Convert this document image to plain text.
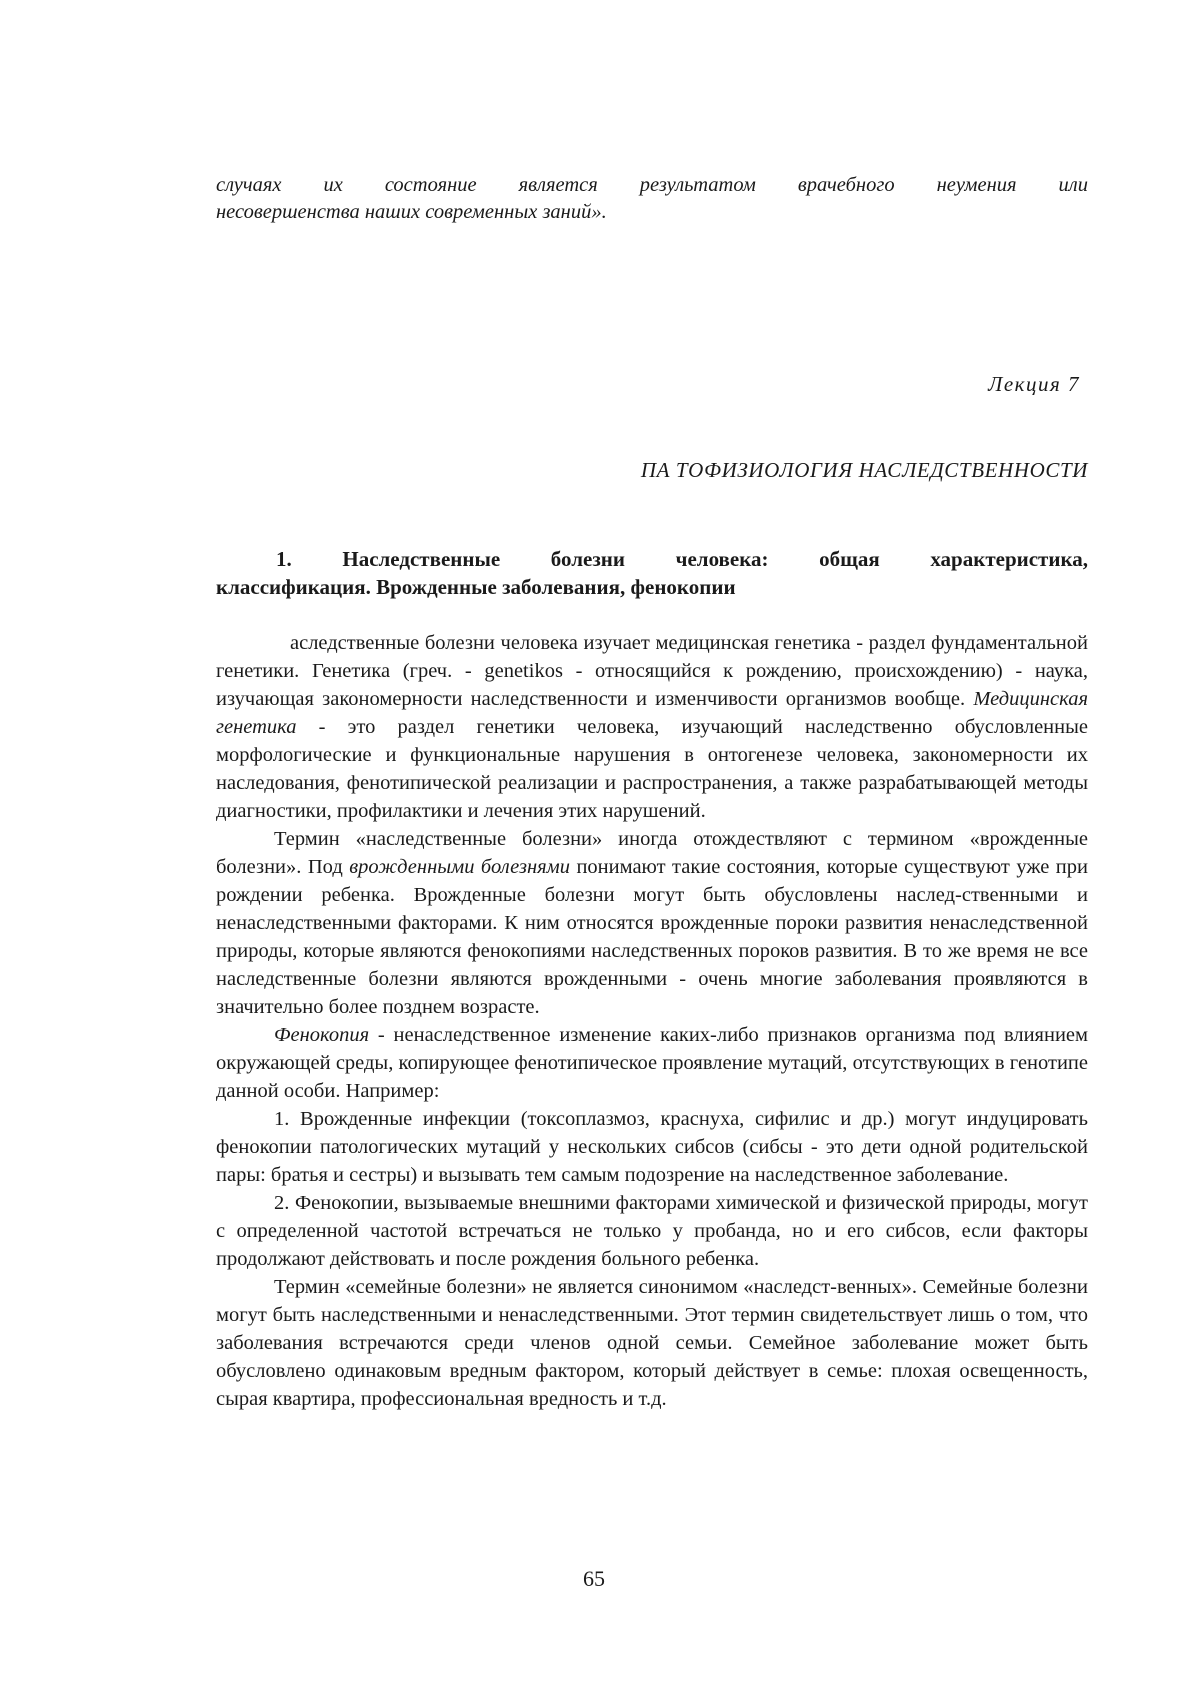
случаях их состояние является результатом врачебного неумения или
несовершенства наших современных заний».
Лекция 7
ПА ТОФИЗИОЛОГИЯ НАСЛЕДСТВЕННОСТИ
1. Наследственные болезни человека: общая характеристика,
классификация. Врожденные заболевания, фенокопии

аследственные болезни человека изучает медицинская генетика - раздел фундаментальной генетики. Генетика (греч. - genetikos - относящийся к рождению, происхождению) - наука, изучающая закономерности наследственности и изменчивости организмов вообще. Медицинская генетика - это раздел генетики человека, изучающий наследственно обусловленные морфологические и функциональные нарушения в онтогенезе человека, закономерности их наследования, фенотипической реализации и распространения, а также разрабатывающей методы диагностики, профилактики и лечения этих нарушений.

Термин «наследственные болезни» иногда отождествляют с термином «врожденные болезни». Под врожденными болезнями понимают такие состояния, которые существуют уже при рождении ребенка. Врожденные болезни могут быть обусловлены наслед-ственными и ненаследственными факторами. К ним относятся врожденные пороки развития ненаследственной природы, которые являются фенокопиями наследственных пороков развития. В то же время не все наследственные болезни являются врожденными - очень многие заболевания проявляются в значительно более позднем возрасте.

Фенокопия - ненаследственное изменение каких-либо признаков организма под влиянием окружающей среды, копирующее фенотипическое проявление мутаций, отсутствующих в генотипе данной особи. Например:

1. Врожденные инфекции (токсоплазмоз, краснуха, сифилис и др.) могут индуцировать фенокопии патологических мутаций у нескольких сибсов (сибсы - это дети одной родительской пары: братья и сестры) и вызывать тем самым подозрение на наследственное заболевание.

2. Фенокопии, вызываемые внешними факторами химической и физической природы, могут с определенной частотой встречаться не только у пробанда, но и его сибсов, если факторы продолжают действовать и после рождения больного ребенка.

Термин «семейные болезни» не является синонимом «наследст-венных». Семейные болезни могут быть наследственными и ненаследственными. Этот термин свидетельствует лишь о том, что заболевания встречаются среди членов одной семьи. Семейное заболевание может быть обусловлено одинаковым вредным фактором, который действует в семье: плохая освещенность, сырая квартира, профессиональная вредность и т.д.

65
